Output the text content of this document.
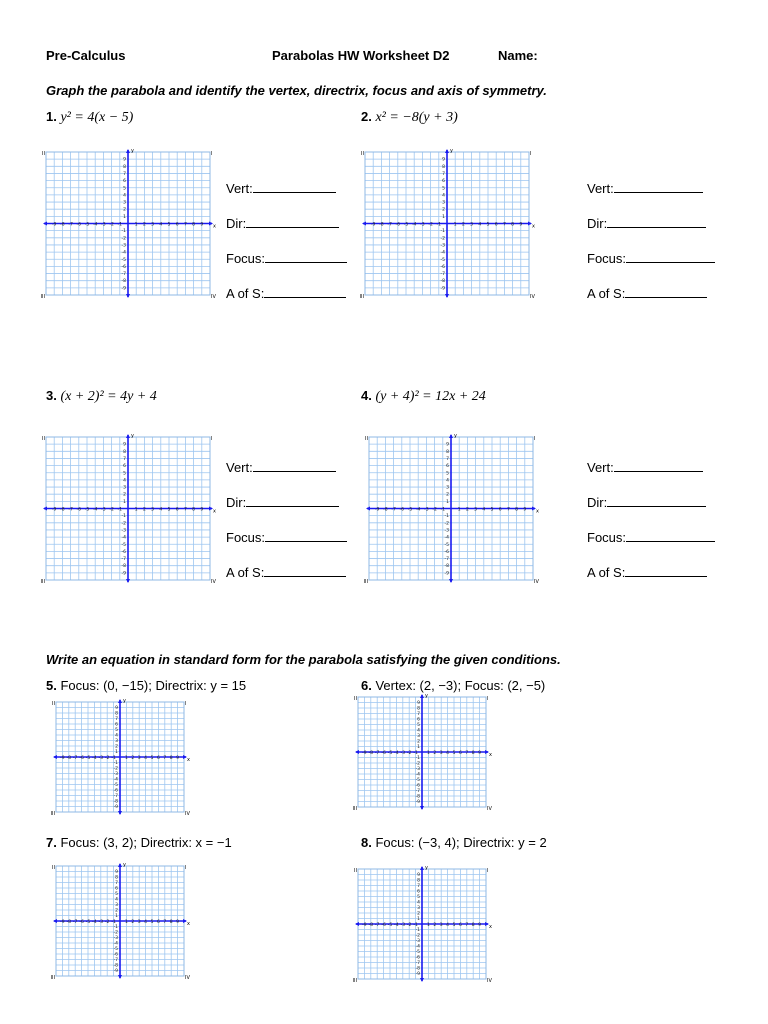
Pre-Calculus	Parabolas HW Worksheet D2	Name:
Graph the parabola and identify the vertex, directrix, focus and axis of symmetry.
1. y² = 4(x − 5)
-9 -8 -7 -6 -5 -4 -3 -2 -1	1 2 3 4 5 6 7 8 9
9
8
7
6
5
4
3
2
1
-1
-2
-3
-4
-5
-6
-7
-8
-9
x
y	I
II
III	IV
Vert:
Dir:
Focus:
A of S:
2. x² = −8(y + 3)
-9 -8 -7 -6 -5 -4 -3 -2 -1	1 2 3 4 5 6 7 8 9
9
8
7
6
5
4
3
2
1
-1
-2
-3
-4
-5
-6
-7
-8
-9
x
y	I
II
III	IV
Vert:
Dir:
Focus:
A of S:
3. (x + 2)² = 4y + 4
-9 -8 -7 -6 -5 -4 -3 -2 -1	1 2 3 4 5 6 7 8 9
9
8
7
6
5
4
3
2
1
-1
-2
-3
-4
-5
-6
-7
-8
-9
x
y	I
II
III	IV
Vert:
Dir:
Focus:
A of S:
4. (y + 4)² = 12x + 24
-9 -8 -7 -6 -5 -4 -3 -2 -1	1 2 3 4 5 6 7 8 9
9
8
7
6
5
4
3
2
1
-1
-2
-3
-4
-5
-6
-7
-8
-9
x
y	I
II
III	IV
Vert:
Dir:
Focus:
A of S:
Write an equation in standard form for the parabola satisfying the given conditions.
5. Focus: (0, −15); Directrix: y = 15
-9 -8 -7 -6 -5 -4 -3 -2 -1 1 2 3 4 5 6 7 8 9
9
8
7
6
5
4
3
2
1
-1
-2
-3
-4
-5
-6
-7
-8
-9
x
y	I
II
III	IV
6. Vertex: (2, −3); Focus: (2, −5)
-9 -8 -7 -6 -5 -4 -3 -2 -1 1 2 3 4 5 6 7 8 9
9
8
7
6
5
4
3
2
1
-1
-2
-3
-4
-5
-6
-7
-8
-9
x
y	I
II
III	IV
7. Focus: (3, 2); Directrix: x = −1
-9 -8 -7 -6 -5 -4 -3 -2 -1 1 2 3 4 5 6 7 8 9
9
8
7
6
5
4
3
2
1
-1
-2
-3
-4
-5
-6
-7
-8
-9
x
y	I
II
III	IV
8. Focus: (−3, 4); Directrix: y = 2
-9 -8 -7 -6 -5 -4 -3 -2 -1 1 2 3 4 5 6 7 8 9
9
8
7
6
5
4
3
2
1
-1
-2
-3
-4
-5
-6
-7
-8
-9
x
y	I
II
III	IV
